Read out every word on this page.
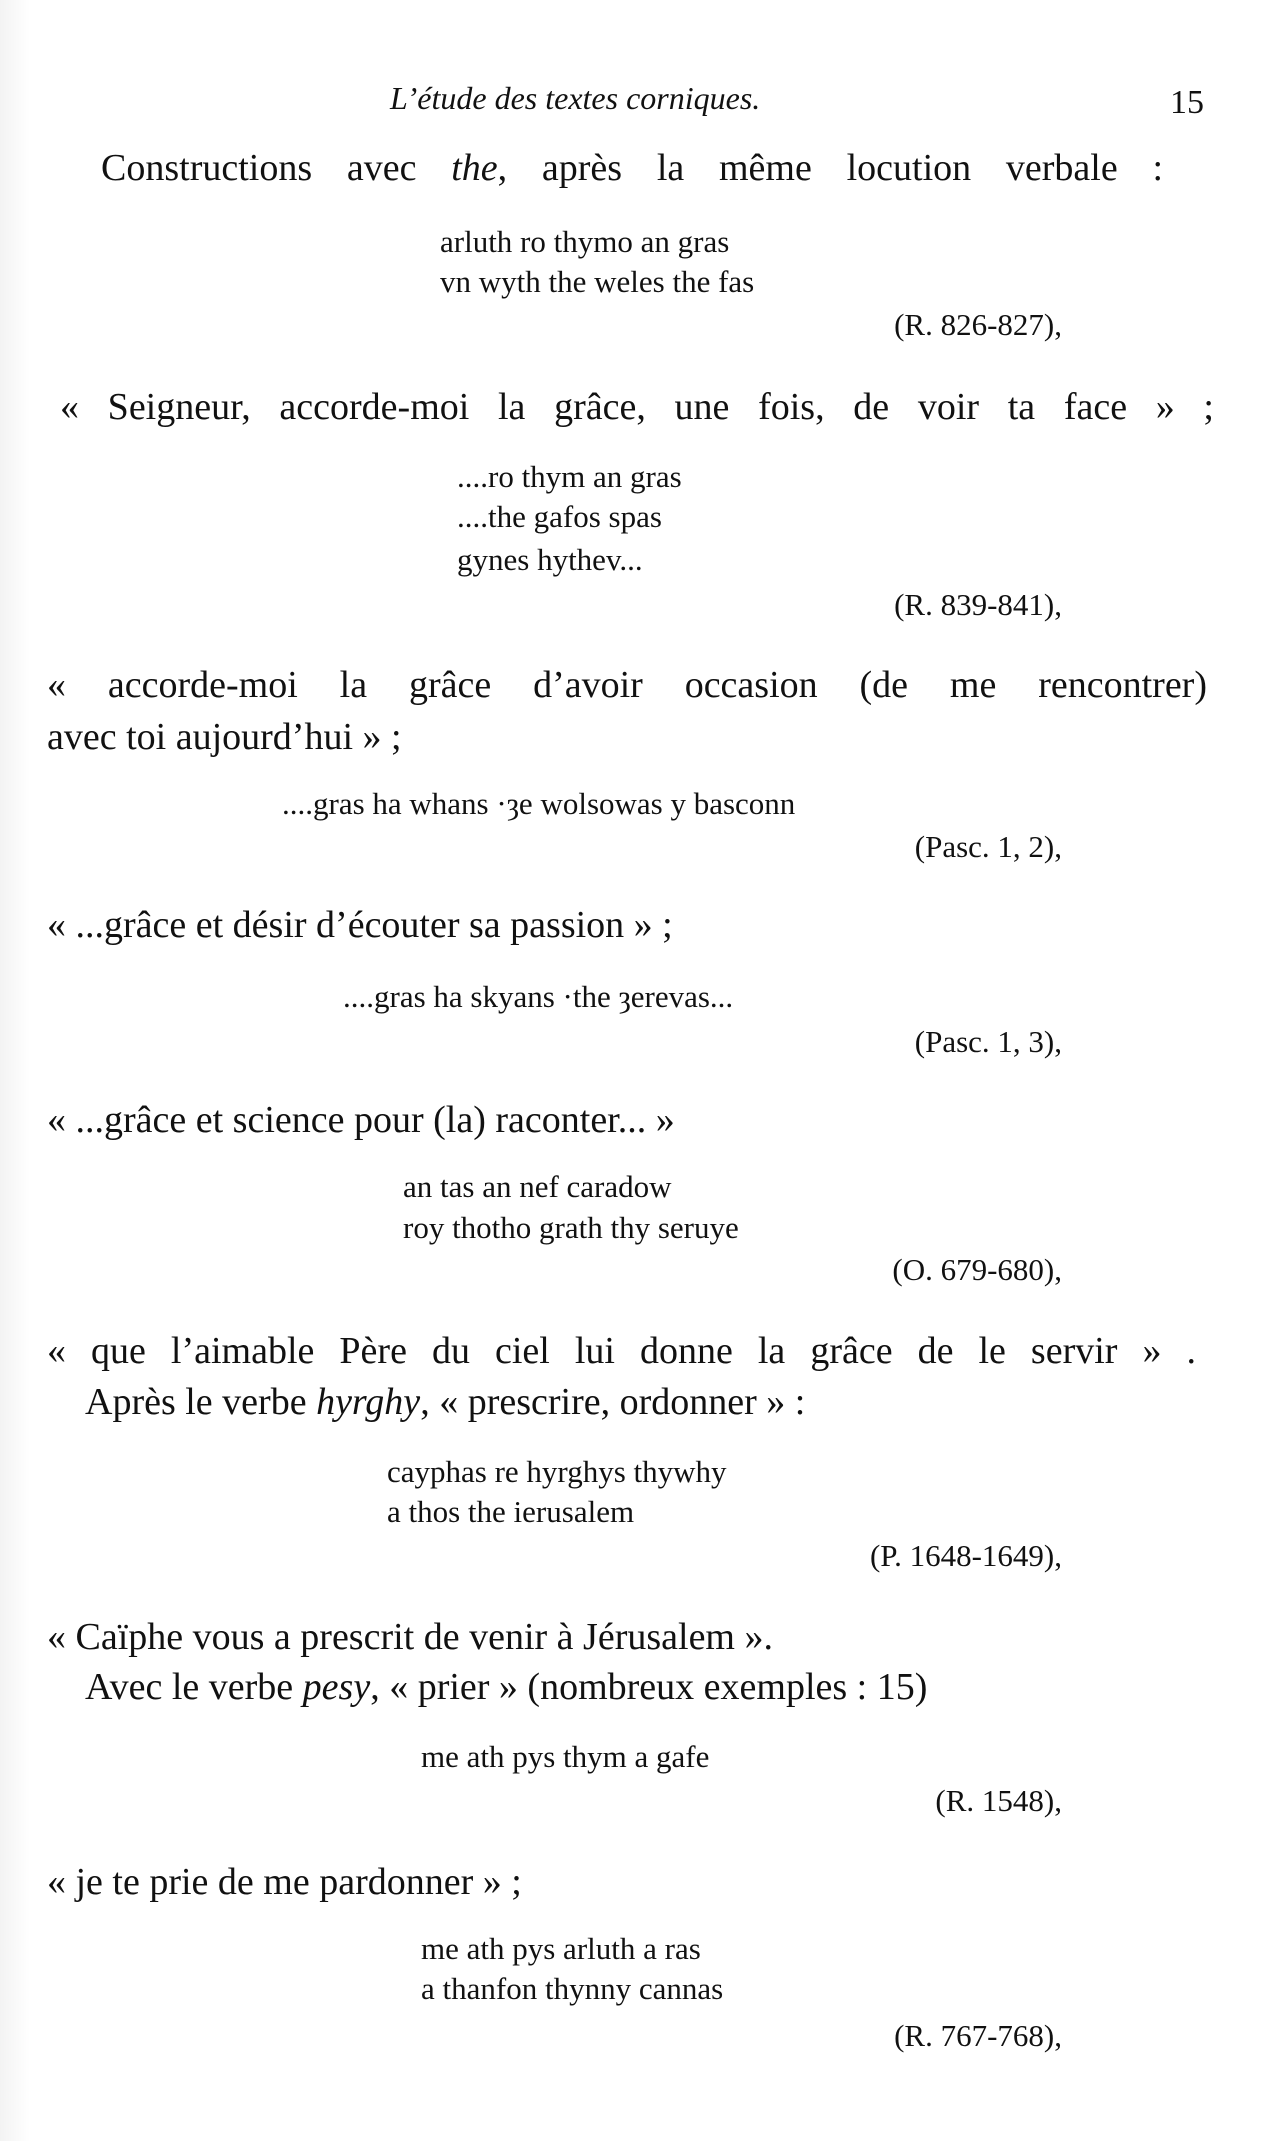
L’étude des textes corniques.	15
Constructions avec the, après la même locution verbale :
arluth ro thymo an gras
vn wyth the weles the fas
(R. 826-827),
« Seigneur, accorde-moi la grâce, une fois, de voir ta face » ;
....ro thym an gras
....the gafos spas
gynes hythev...
(R. 839-841),
« accorde-moi la grâce d’avoir occasion (de me rencontrer)
avec toi aujourd’hui » ;
....gras ha whans ·ȝe wolsowas y basconn
(Pasc. 1, 2),
« ...grâce et désir d’écouter sa passion » ;
....gras ha skyans ·the ȝerevas...
(Pasc. 1, 3),
« ...grâce et science pour (la) raconter... »
an tas an nef caradow
roy thotho grath thy seruye
(O. 679-680),
« que l’aimable Père du ciel lui donne la grâce de le servir » .
Après le verbe hyrghy, « prescrire, ordonner » :
cayphas re hyrghys thywhy
a thos the ierusalem
(P. 1648-1649),
« Caïphe vous a prescrit de venir à Jérusalem ».
Avec le verbe pesy, « prier » (nombreux exemples : 15)
me ath pys thym a gafe
(R. 1548),
« je te prie de me pardonner » ;
me ath pys arluth a ras
a thanfon thynny cannas
(R. 767-768),
